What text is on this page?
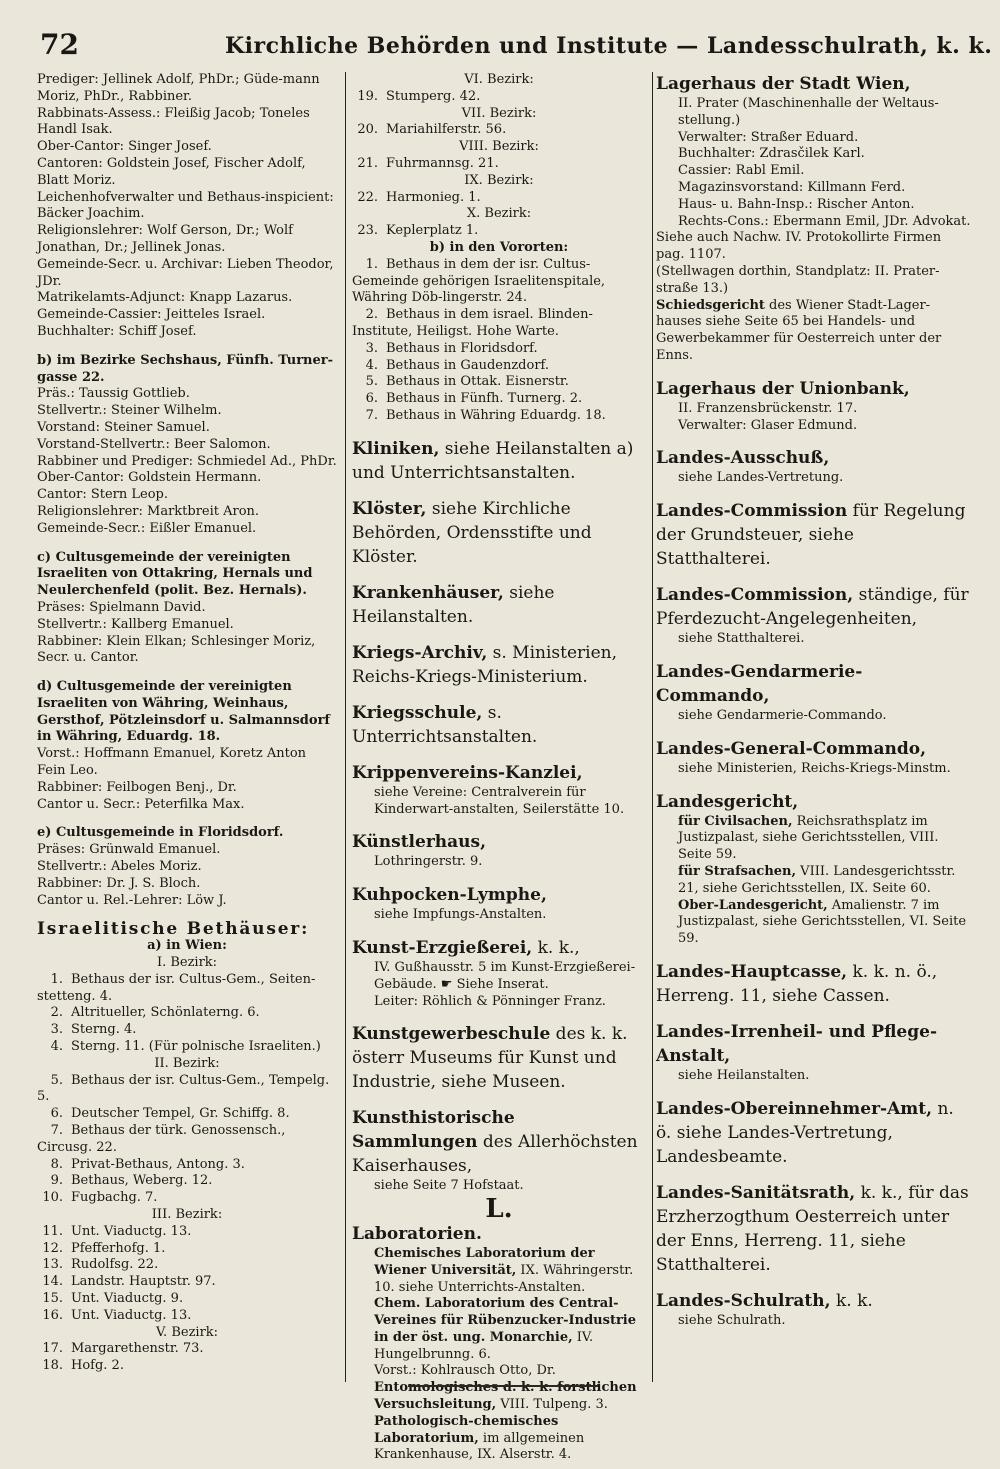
72	Kirchliche Behörden und Institute — Landesschulrath, k. k.
Prediger: Jellinek Adolf, PhDr.; Güde-mann Moriz, PhDr., Rabbiner.
Rabbinats-Assess.: Fleißig Jacob; Toneles Handl Isak.
Ober-Cantor: Singer Josef.
Cantoren: Goldstein Josef, Fischer Adolf, Blatt Moriz.
Leichenhofverwalter und Bethaus-inspicient: Bäcker Joachim.
Religionslehrer: Wolf Gerson, Dr.; Wolf Jonathan, Dr.; Jellinek Jonas.
Gemeinde-Secr. u. Archivar: Lieben Theodor, JDr.
Matrikelamts-Adjunct: Knapp Lazarus.
Gemeinde-Cassier: Jeitteles Israel.
Buchhalter: Schiff Josef.
b) im Bezirke Sechshaus, Fünfh. Turner-gasse 22.
Präs.: Taussig Gottlieb.
Stellvertr.: Steiner Wilhelm.
Vorstand: Steiner Samuel.
Vorstand-Stellvertr.: Beer Salomon.
Rabbiner und Prediger: Schmiedel Ad., PhDr.
Ober-Cantor: Goldstein Hermann.
Cantor: Stern Leop.
Religionslehrer: Marktbreit Aron.
Gemeinde-Secr.: Eißler Emanuel.
c) Cultusgemeinde der vereinigten Israeliten von Ottakring, Hernals und Neulerchenfeld (polit. Bez. Hernals).
Präses: Spielmann David.
Stellvertr.: Kallberg Emanuel.
Rabbiner: Klein Elkan; Schlesinger Moriz, Secr. u. Cantor.
d) Cultusgemeinde der vereinigten Israeliten von Währing, Weinhaus, Gersthof, Pötzleinsdorf u. Salmannsdorf in Währing, Eduardg. 18.
Vorst.: Hoffmann Emanuel, Koretz Anton Fein Leo.
Rabbiner: Feilbogen Benj., Dr.
Cantor u. Secr.: Peterfilka Max.
e) Cultusgemeinde in Floridsdorf.
Präses: Grünwald Emanuel.
Stellvertr.: Abeles Moriz.
Rabbiner: Dr. J. S. Bloch.
Cantor u. Rel.-Lehrer: Löw J.
Israelitische Bethäuser:
a) in Wien:
I. Bezirk:
1. Bethaus der isr. Cultus-Gem., Seiten-stetteng. 4.
2. Altritueller, Schönlaterng. 6.
3. Sterng. 4.
4. Sterng. 11. (Für polnische Israeliten.)
II. Bezirk:
5. Bethaus der isr. Cultus-Gem., Tempelg. 5.
6. Deutscher Tempel, Gr. Schiffg. 8.
7. Bethaus der türk. Genossensch., Circusg. 22.
8. Privat-Bethaus, Antong. 3.
9. Bethaus, Weberg. 12.
10. Fugbachg. 7.
III. Bezirk:
11. Unt. Viaductg. 13.
12. Pfefferhofg. 1.
13. Rudolfsg. 22.
14. Landstr. Hauptstr. 97.
15. Unt. Viaductg. 9.
16. Unt. Viaductg. 13.
V. Bezirk:
17. Margarethenstr. 73.
18. Hofg. 2.
VI. Bezirk:
19. Stumperg. 42.
VII. Bezirk:
20. Mariahilferstr. 56.
VIII. Bezirk:
21. Fuhrmannsg. 21.
IX. Bezirk:
22. Harmonieg. 1.
X. Bezirk:
23. Keplerplatz 1.
b) in den Vororten:
1. Bethaus in dem der isr. Cultus-Gemeinde gehörigen Israelitenspitale, Währing Döb-lingerstr. 24.
2. Bethaus in dem israel. Blinden-Institute, Heiligst. Hohe Warte.
3. Bethaus in Floridsdorf.
4. Bethaus in Gaudenzdorf.
5. Bethaus in Ottak. Eisnerstr.
6. Bethaus in Fünfh. Turnerg. 2.
7. Bethaus in Währing Eduardg. 18.
Kliniken, siehe Heilanstalten a) und Unterrichtsanstalten.
Klöster, siehe Kirchliche Behörden, Ordensstifte und Klöster.
Krankenhäuser, siehe Heilanstalten.
Kriegs-Archiv, s. Ministerien, Reichs-Kriegs-Ministerium.
Kriegsschule, s. Unterrichtsanstalten.
Krippenvereins-Kanzlei,
siehe Vereine: Centralverein für Kinderwart-anstalten, Seilerstätte 10.
Künstlerhaus,
Lothringerstr. 9.
Kuhpocken-Lymphe,
siehe Impfungs-Anstalten.
Kunst-Erzgießerei, k. k.,
IV. Gußhausstr. 5 im Kunst-Erzgießerei-Gebäude. ☛ Siehe Inserat.
Leiter: Röhlich & Pönninger Franz.
Kunstgewerbeschule des k. k. österr Museums für Kunst und Industrie, siehe Museen.
Kunsthistorische Sammlungen des Allerhöchsten Kaiserhauses,
siehe Seite 7 Hofstaat.
L.
Laboratorien.
Chemisches Laboratorium der Wiener Universität, IX. Währingerstr. 10. siehe Unterrichts-Anstalten.
Chem. Laboratorium des Central-Vereines für Rübenzucker-Industrie in der öst. ung. Monarchie, IV. Hungelbrunng. 6.
Vorst.: Kohlrausch Otto, Dr.
Entomologisches d. k. k. forstlichen Versuchsleitung, VIII. Tulpeng. 3.
Pathologisch-chemisches Laboratorium, im allgemeinen Krankenhause, IX. Alserstr. 4.
Lagerhaus der Stadt Wien,
II. Prater (Maschinenhalle der Weltaus-stellung.)
Verwalter: Straßer Eduard.
Buchhalter: Zdrasčilek Karl.
Cassier: Rabl Emil.
Magazinsvorstand: Killmann Ferd.
Haus- u. Bahn-Insp.: Rischer Anton.
Rechts-Cons.: Ebermann Emil, JDr. Advokat.
Siehe auch Nachw. IV. Protokollirte Firmen pag. 1107.
(Stellwagen dorthin, Standplatz: II. Prater-straße 13.)
Schiedsgericht des Wiener Stadt-Lager-hauses siehe Seite 65 bei Handels- und Gewerbekammer für Oesterreich unter der Enns.
Lagerhaus der Unionbank,
II. Franzensbrückenstr. 17.
Verwalter: Glaser Edmund.
Landes-Ausschuß,
siehe Landes-Vertretung.
Landes-Commission für Regelung der Grundsteuer, siehe Statthalterei.
Landes-Commission, ständige, für Pferdezucht-Angelegenheiten,
siehe Statthalterei.
Landes-Gendarmerie-Commando,
siehe Gendarmerie-Commando.
Landes-General-Commando,
siehe Ministerien, Reichs-Kriegs-Minstm.
Landesgericht,
für Civilsachen, Reichsrathsplatz im Justizpalast, siehe Gerichtsstellen, VIII. Seite 59.
für Strafsachen, VIII. Landesgerichtsstr. 21, siehe Gerichtsstellen, IX. Seite 60.
Ober-Landesgericht, Amalienstr. 7 im Justizpalast, siehe Gerichtsstellen, VI. Seite 59.
Landes-Hauptcasse, k. k. n. ö., Herreng. 11, siehe Cassen.
Landes-Irrenheil- und Pflege-Anstalt,
siehe Heilanstalten.
Landes-Obereinnehmer-Amt, n. ö. siehe Landes-Vertretung, Landesbeamte.
Landes-Sanitätsrath, k. k., für das Erzherzogthum Oesterreich unter der Enns, Herreng. 11, siehe Statthalterei.
Landes-Schulrath, k. k.
siehe Schulrath.
